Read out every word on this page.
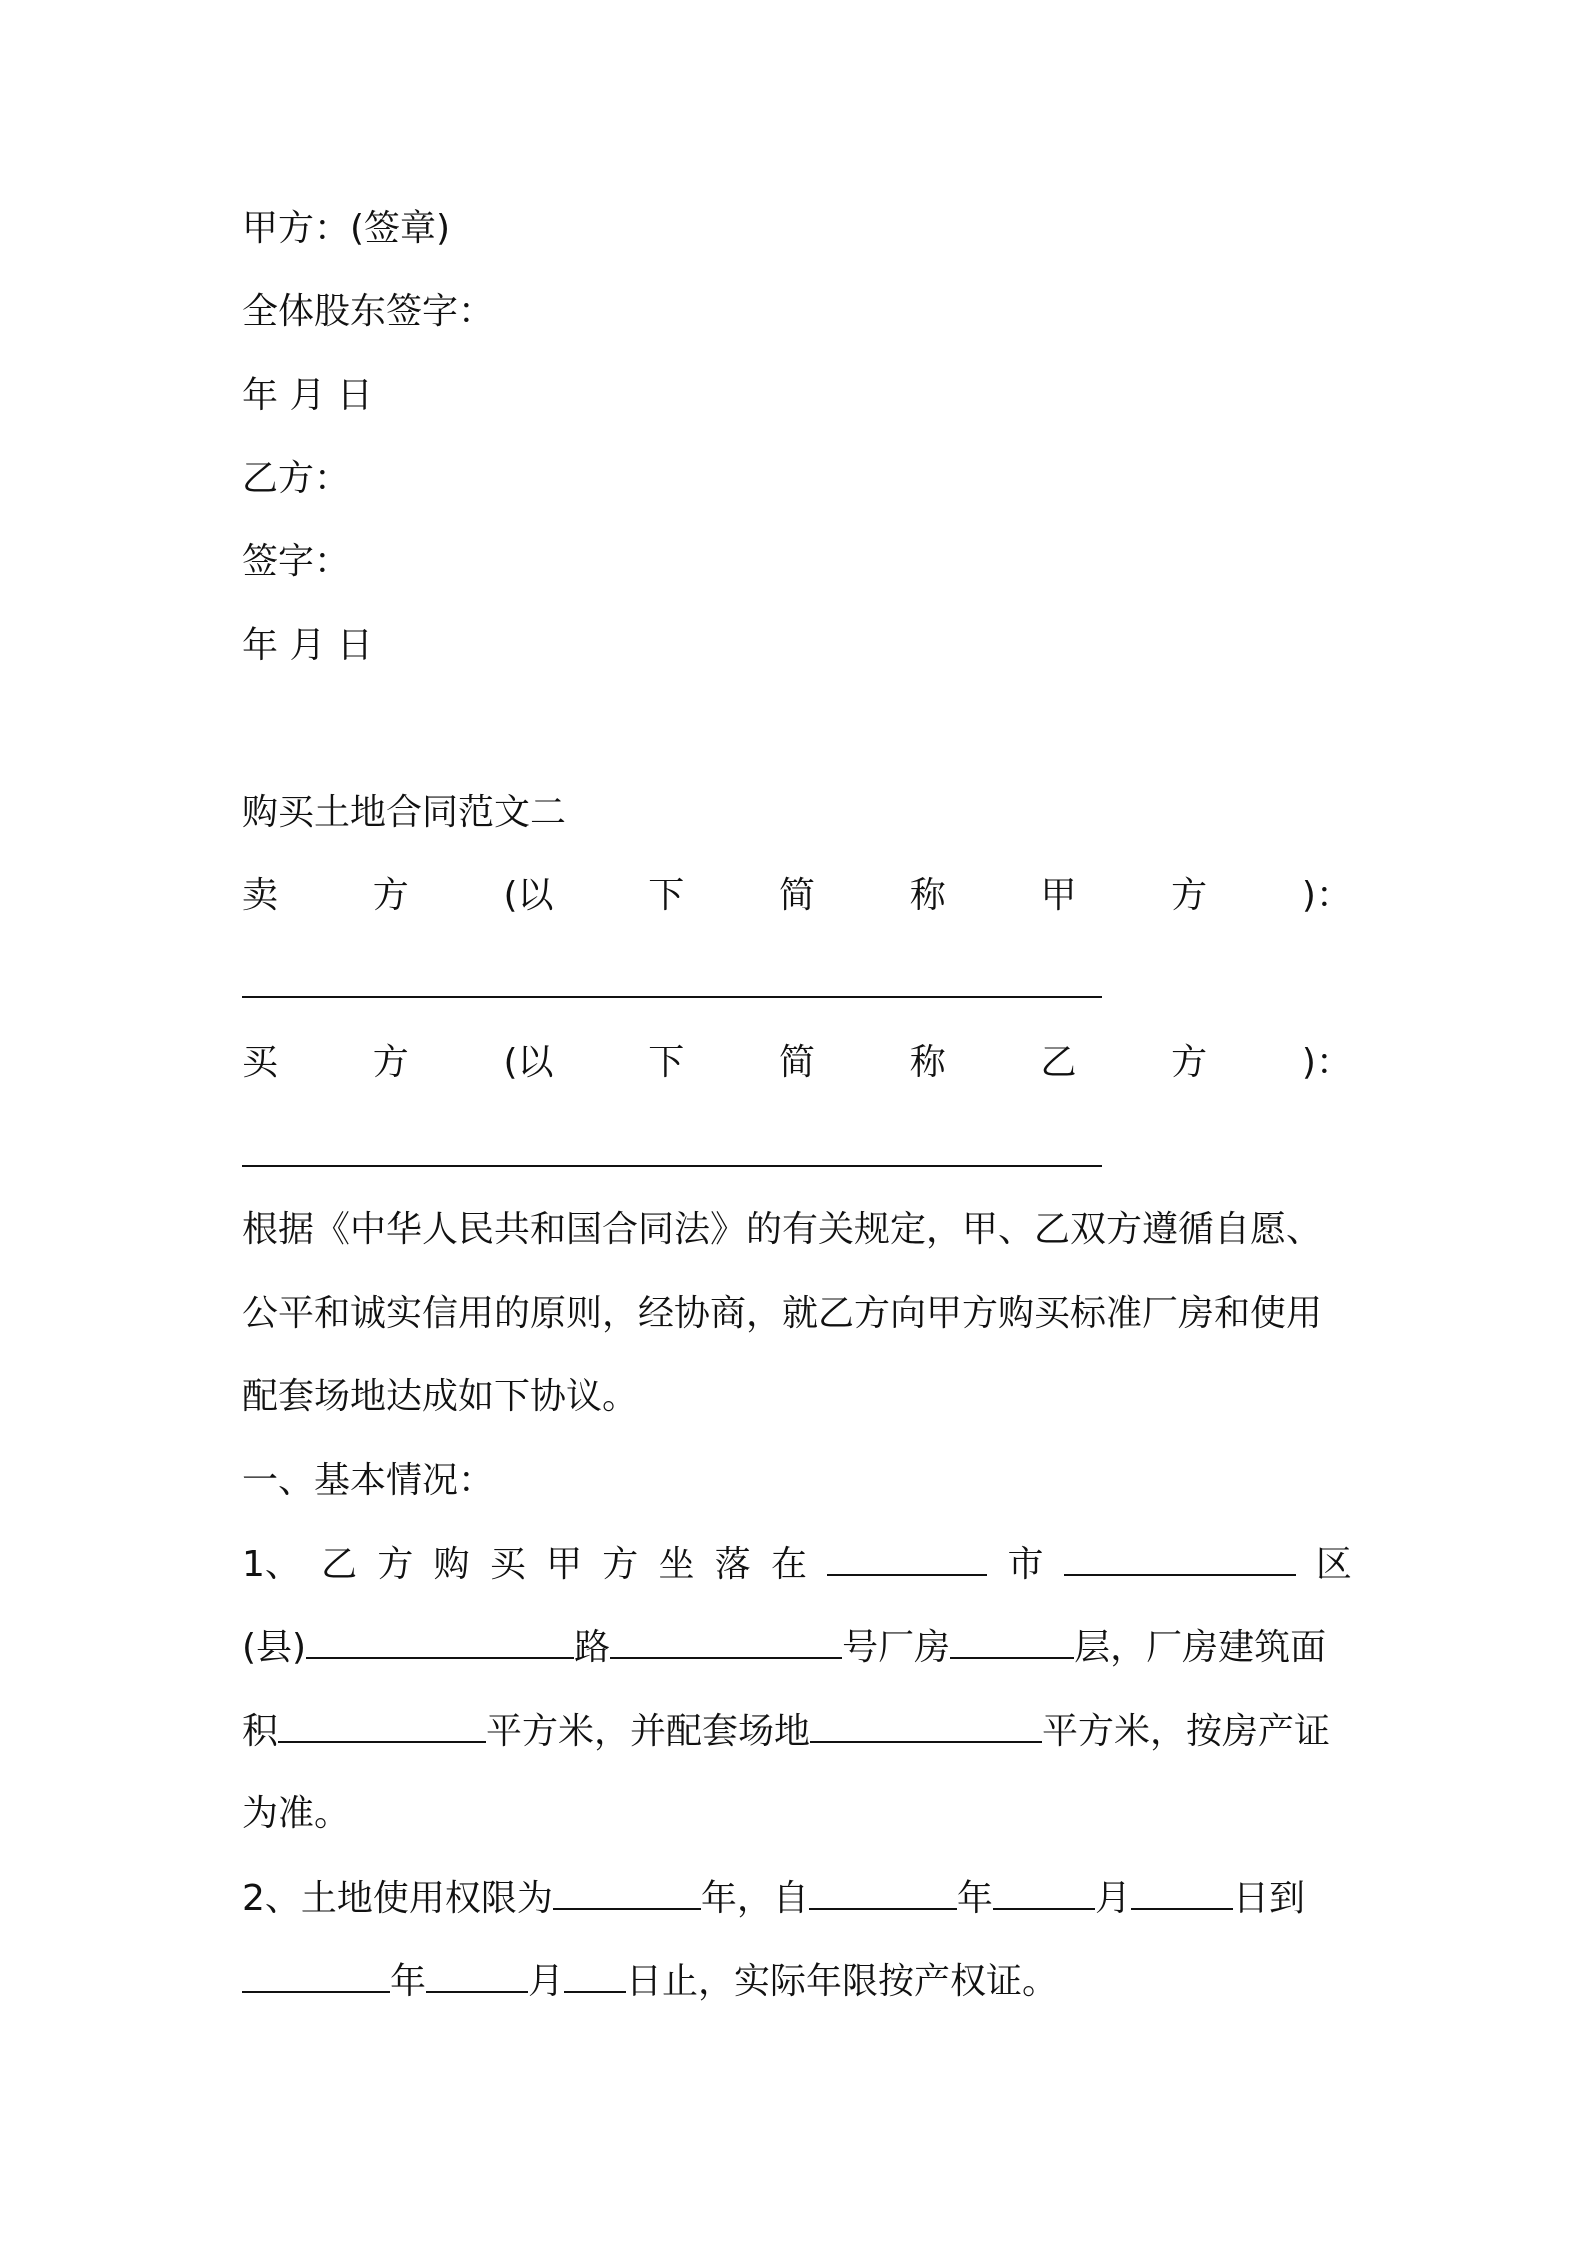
甲方：(签章)
全体股东签字：
年 月 日
乙方：
签字：
年 月 日
购买土地合同范文二
卖	方	(以	下	简	称	甲	方	)：
买	方	(以	下	简	称	乙	方	)：
根据《中华人民共和国合同法》的有关规定，甲、乙双方遵循自愿、
公平和诚实信用的原则，经协商，就乙方向甲方购买标准厂房和使用
配套场地达成如下协议。
一、基本情况：
1、 乙 方 购 买 甲 方 坐 落 在	市	区
(县)	路	号厂房	层，厂房建筑面
积	平方米，并配套场地	平方米，按房产证
为准。
2、土地使用权限为	年，自	年	月	日到
年	月 日止，实际年限按产权证。
